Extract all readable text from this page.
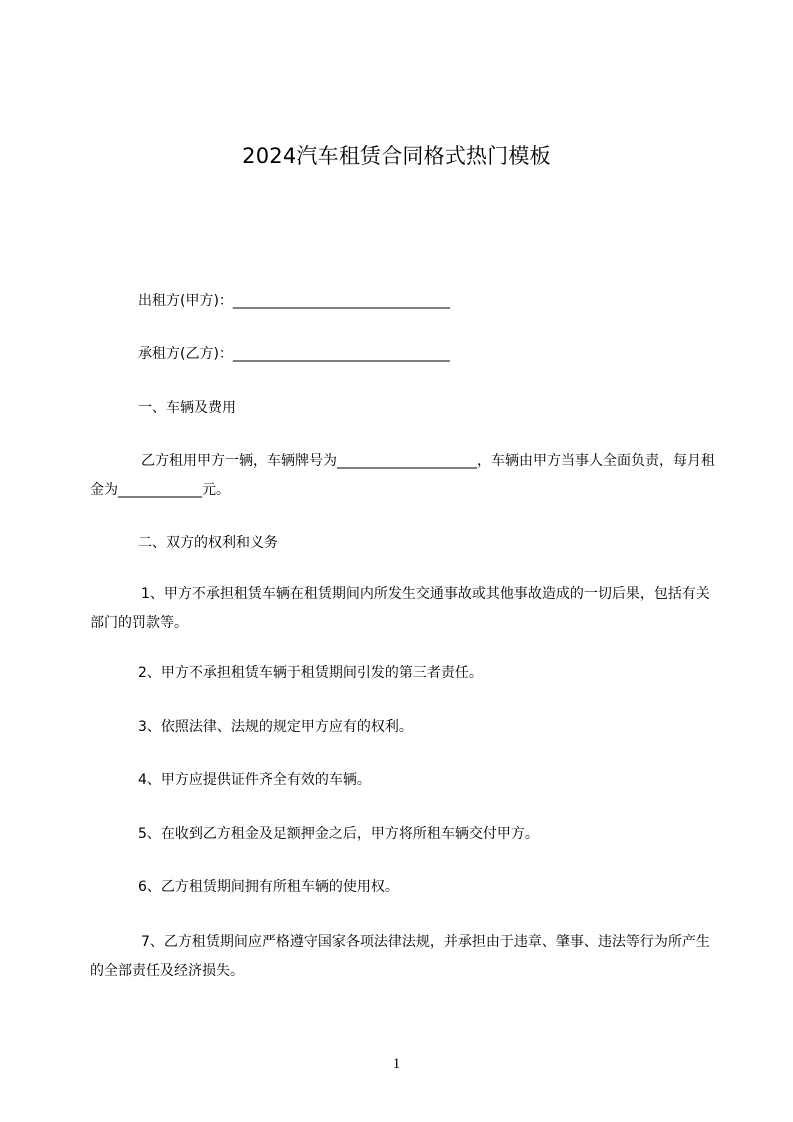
2024汽车租赁合同格式热门模板
出租方(甲方)：_______________________________
承租方(乙方)：_______________________________
一、车辆及费用
乙方租用甲方一辆，车辆牌号为____________________，车辆由甲方当事人全面负责，每月租金为____________元。
二、双方的权利和义务
1、甲方不承担租赁车辆在租赁期间内所发生交通事故或其他事故造成的一切后果，包括有关部门的罚款等。
2、甲方不承担租赁车辆于租赁期间引发的第三者责任。
3、依照法律、法规的规定甲方应有的权利。
4、甲方应提供证件齐全有效的车辆。
5、在收到乙方租金及足额押金之后，甲方将所租车辆交付甲方。
6、乙方租赁期间拥有所租车辆的使用权。
7、乙方租赁期间应严格遵守国家各项法律法规，并承担由于违章、肇事、违法等行为所产生的全部责任及经济损失。
1
